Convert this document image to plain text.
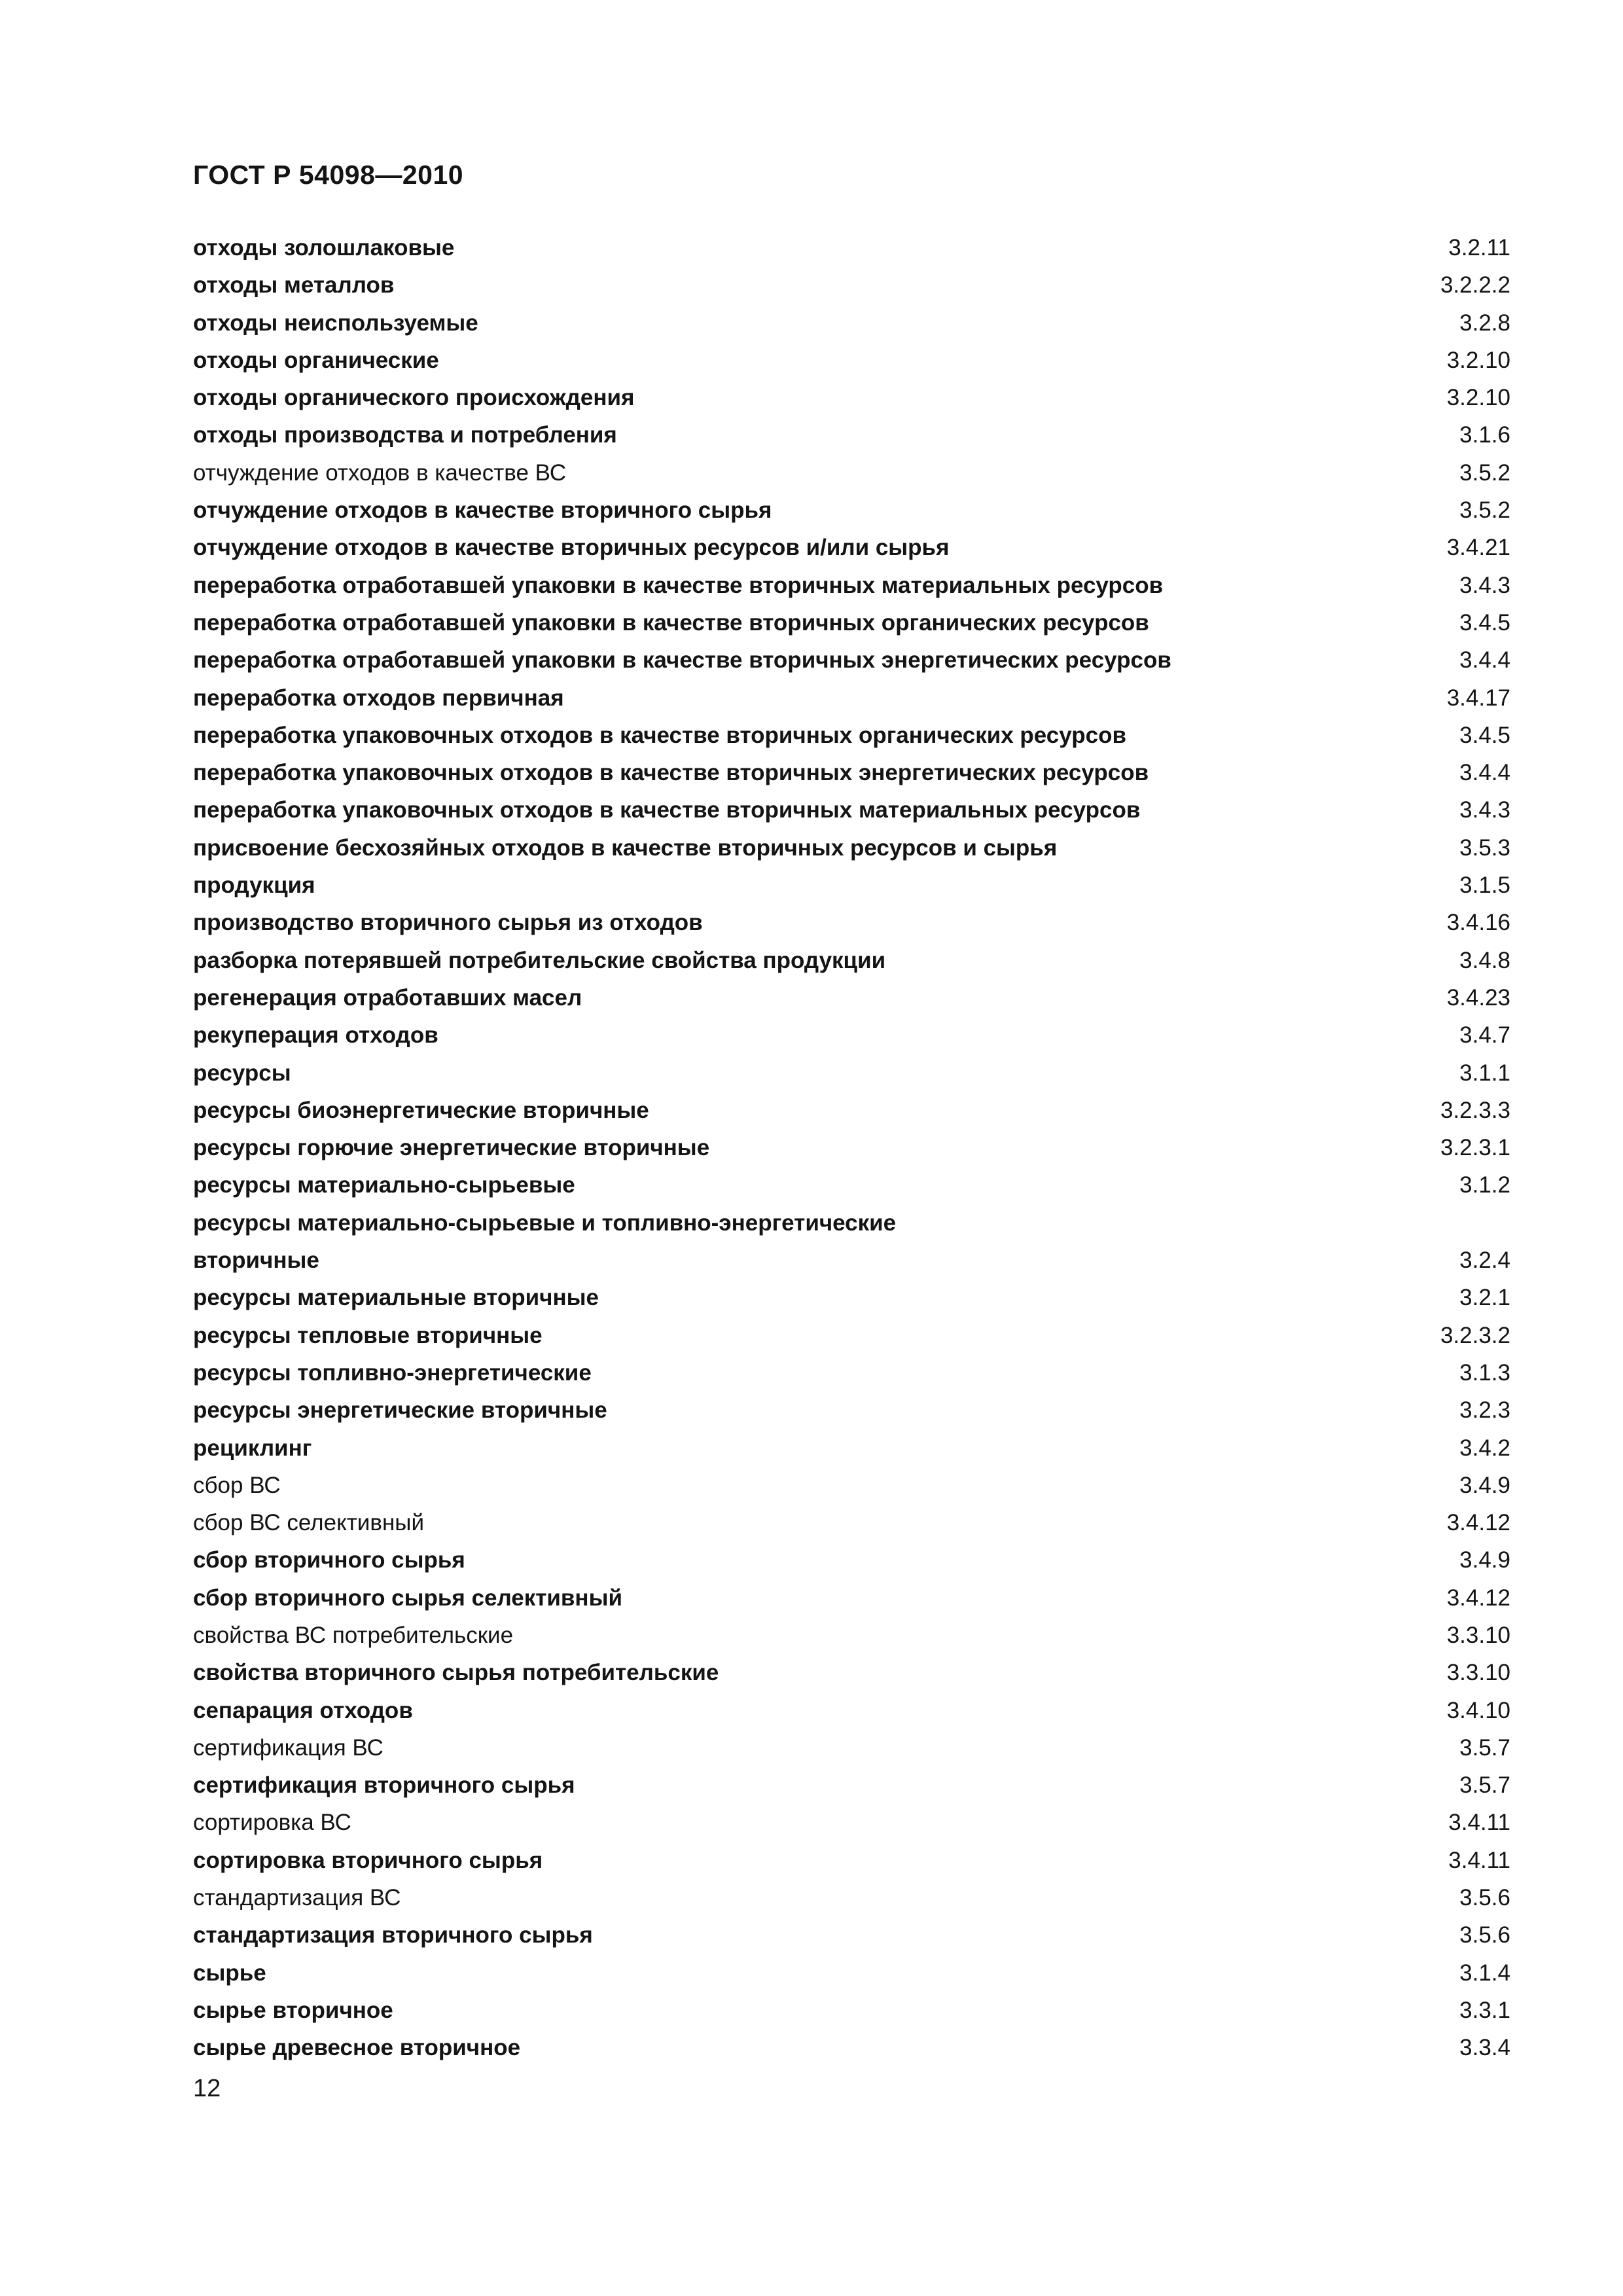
ГОСТ Р 54098—2010
отходы золошлаковые	3.2.11
отходы металлов	3.2.2.2
отходы неиспользуемые	3.2.8
отходы органические	3.2.10
отходы органического происхождения	3.2.10
отходы производства и потребления	3.1.6
отчуждение отходов в качестве ВС	3.5.2
отчуждение отходов в качестве вторичного сырья	3.5.2
отчуждение отходов в качестве вторичных ресурсов и/или сырья	3.4.21
переработка отработавшей упаковки в качестве вторичных материальных ресурсов	3.4.3
переработка отработавшей упаковки в качестве вторичных органических ресурсов	3.4.5
переработка отработавшей упаковки в качестве вторичных энергетических ресурсов	3.4.4
переработка отходов первичная	3.4.17
переработка упаковочных отходов в качестве вторичных органических ресурсов	3.4.5
переработка упаковочных отходов в качестве вторичных энергетических ресурсов	3.4.4
переработка упаковочных отходов в качестве вторичных материальных ресурсов	3.4.3
присвоение бесхозяйных отходов в качестве вторичных ресурсов и сырья	3.5.3
продукция	3.1.5
производство вторичного сырья из отходов	3.4.16
разборка потерявшей потребительские свойства продукции	3.4.8
регенерация отработавших масел	3.4.23
рекуперация отходов	3.4.7
ресурсы	3.1.1
ресурсы биоэнергетические вторичные	3.2.3.3
ресурсы горючие энергетические вторичные	3.2.3.1
ресурсы материально-сырьевые	3.1.2
ресурсы материально-сырьевые и топливно-энергетические
вторичные	3.2.4
ресурсы материальные вторичные	3.2.1
ресурсы тепловые вторичные	3.2.3.2
ресурсы топливно-энергетические	3.1.3
ресурсы энергетические вторичные	3.2.3
рециклинг	3.4.2
сбор ВС	3.4.9
сбор ВС селективный	3.4.12
сбор вторичного сырья	3.4.9
сбор вторичного сырья селективный	3.4.12
свойства ВС потребительские	3.3.10
свойства вторичного сырья потребительские	3.3.10
сепарация отходов	3.4.10
сертификация ВС	3.5.7
сертификация вторичного сырья	3.5.7
сортировка ВС	3.4.11
сортировка вторичного сырья	3.4.11
стандартизация ВС	3.5.6
стандартизация вторичного сырья	3.5.6
сырье	3.1.4
сырье вторичное	3.3.1
сырье древесное вторичное	3.3.4
12
